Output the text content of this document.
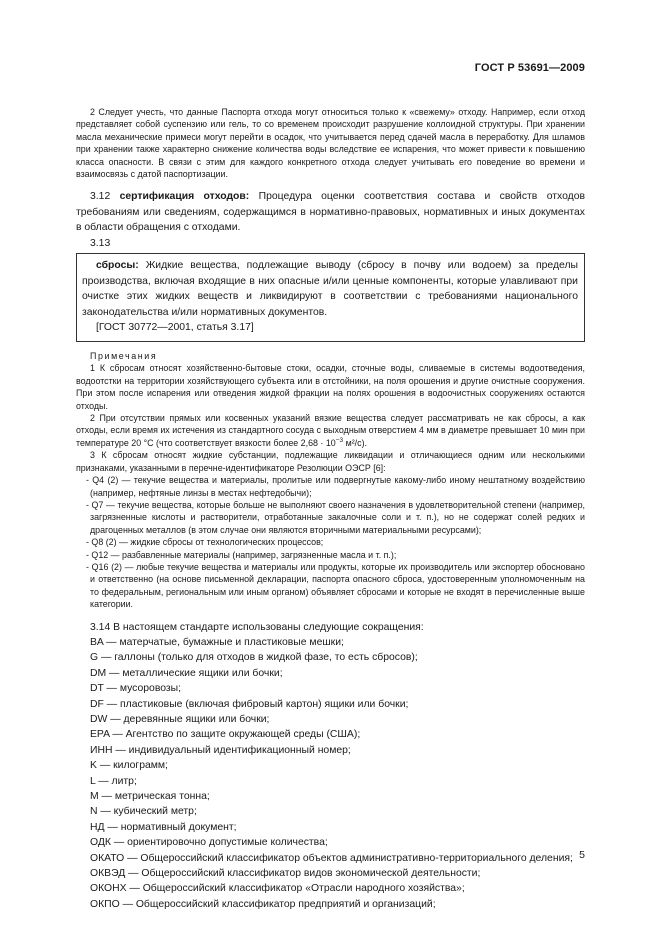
ГОСТ Р 53691—2009

2 Следует учесть, что данные Паспорта отхода могут относиться только к «свежему» отходу. Например, если отход представляет собой суспензию или гель, то со временем происходит разрушение коллоидной структуры. При хранении масла механические примеси могут перейти в осадок, что учитывается перед сдачей масла в переработку. Для шламов при хранении также характерно снижение количества воды вследствие ее испарения, что может привести к повышению класса опасности. В связи с этим для каждого конкретного отхода следует учитывать его поведение во времени и взаимосвязь с датой паспортизации.

3.12 сертификация отходов: Процедура оценки соответствия состава и свойств отходов требованиям или сведениям, содержащимся в нормативно-правовых, нормативных и иных документах в области обращения с отходами.

3.13

сбросы: Жидкие вещества, подлежащие выводу (сбросу в почву или водоем) за пределы производства, включая входящие в них опасные и/или ценные компоненты, которые улавливают при очистке этих жидких веществ и ликвидируют в соответствии с требованиями национального законодательства и/или нормативных документов.
[ГОСТ 30772—2001, статья 3.17]
Примечания

1 К сбросам относят хозяйственно-бытовые стоки, осадки, сточные воды, сливаемые в системы водоотведения, водоотстки на территории хозяйствующего субъекта или в отстойники, на поля орошения и другие очистные сооружения. При этом после испарения или отведения жидкой фракции на полях орошения в водоочистных сооружениях остаются отходы.

2 При отсутствии прямых или косвенных указаний вязкие вещества следует рассматривать не как сбросы, а как отходы, если время их истечения из стандартного сосуда с выходным отверстием 4 мм в диаметре превышает 10 мин при температуре 20 °С (что соответствует вязкости более $2,68 \cdot 10^{-3}$ м²/с).

3 К сбросам относят жидкие субстанции, подлежащие ликвидации и отличающиеся одним или несколькими признаками, указанными в перечне-идентификаторе Резолюции ОЭСР [6]:

- Q4 (2) — текучие вещества и материалы, пролитые или подвергнутые какому-либо иному нештатному воздействию (например, нефтяные линзы в местах нефтедобычи);

- Q7 — текучие вещества, которые больше не выполняют своего назначения в удовлетворительной степени (например, загрязненные кислоты и растворители, отработанные закалочные соли и т. п.), но не содержат солей редких и драгоценных металлов (в этом случае они являются вторичными материальными ресурсами);

- Q8 (2) — жидкие сбросы от технологических процессов;

- Q12 — разбавленные материалы (например, загрязненные масла и т. п.);

- Q16 (2) — любые текучие вещества и материалы или продукты, которые их производитель или экспортер обосновано и ответственно (на основе письменной декларации, паспорта опасного сброса, удостоверенным уполномоченным на то федеральным, региональным или иным органом) объявляет сбросами и которые не входят в перечисленные выше категории.

3.14 В настоящем стандарте использованы следующие сокращения:

BA — матерчатые, бумажные и пластиковые мешки;

G — галлоны (только для отходов в жидкой фазе, то есть сбросов);

DM — металлические ящики или бочки;

DT — мусоровозы;

DF — пластиковые (включая фибровый картон) ящики или бочки;

DW — деревянные ящики или бочки;

EPA — Агентство по защите окружающей среды (США);

ИНН — индивидуальный идентификационный номер;

K — килограмм;

L — литр;

M — метрическая тонна;

N — кубический метр;

НД — нормативный документ;

ОДК — ориентировочно допустимые количества;

ОКАТО — Общероссийский классификатор объектов административно-территориального деления;

ОКВЭД — Общероссийский классификатор видов экономической деятельности;

ОКОНХ — Общероссийский классификатор «Отрасли народного хозяйства»;

ОКПО — Общероссийский классификатор предприятий и организаций;

5
